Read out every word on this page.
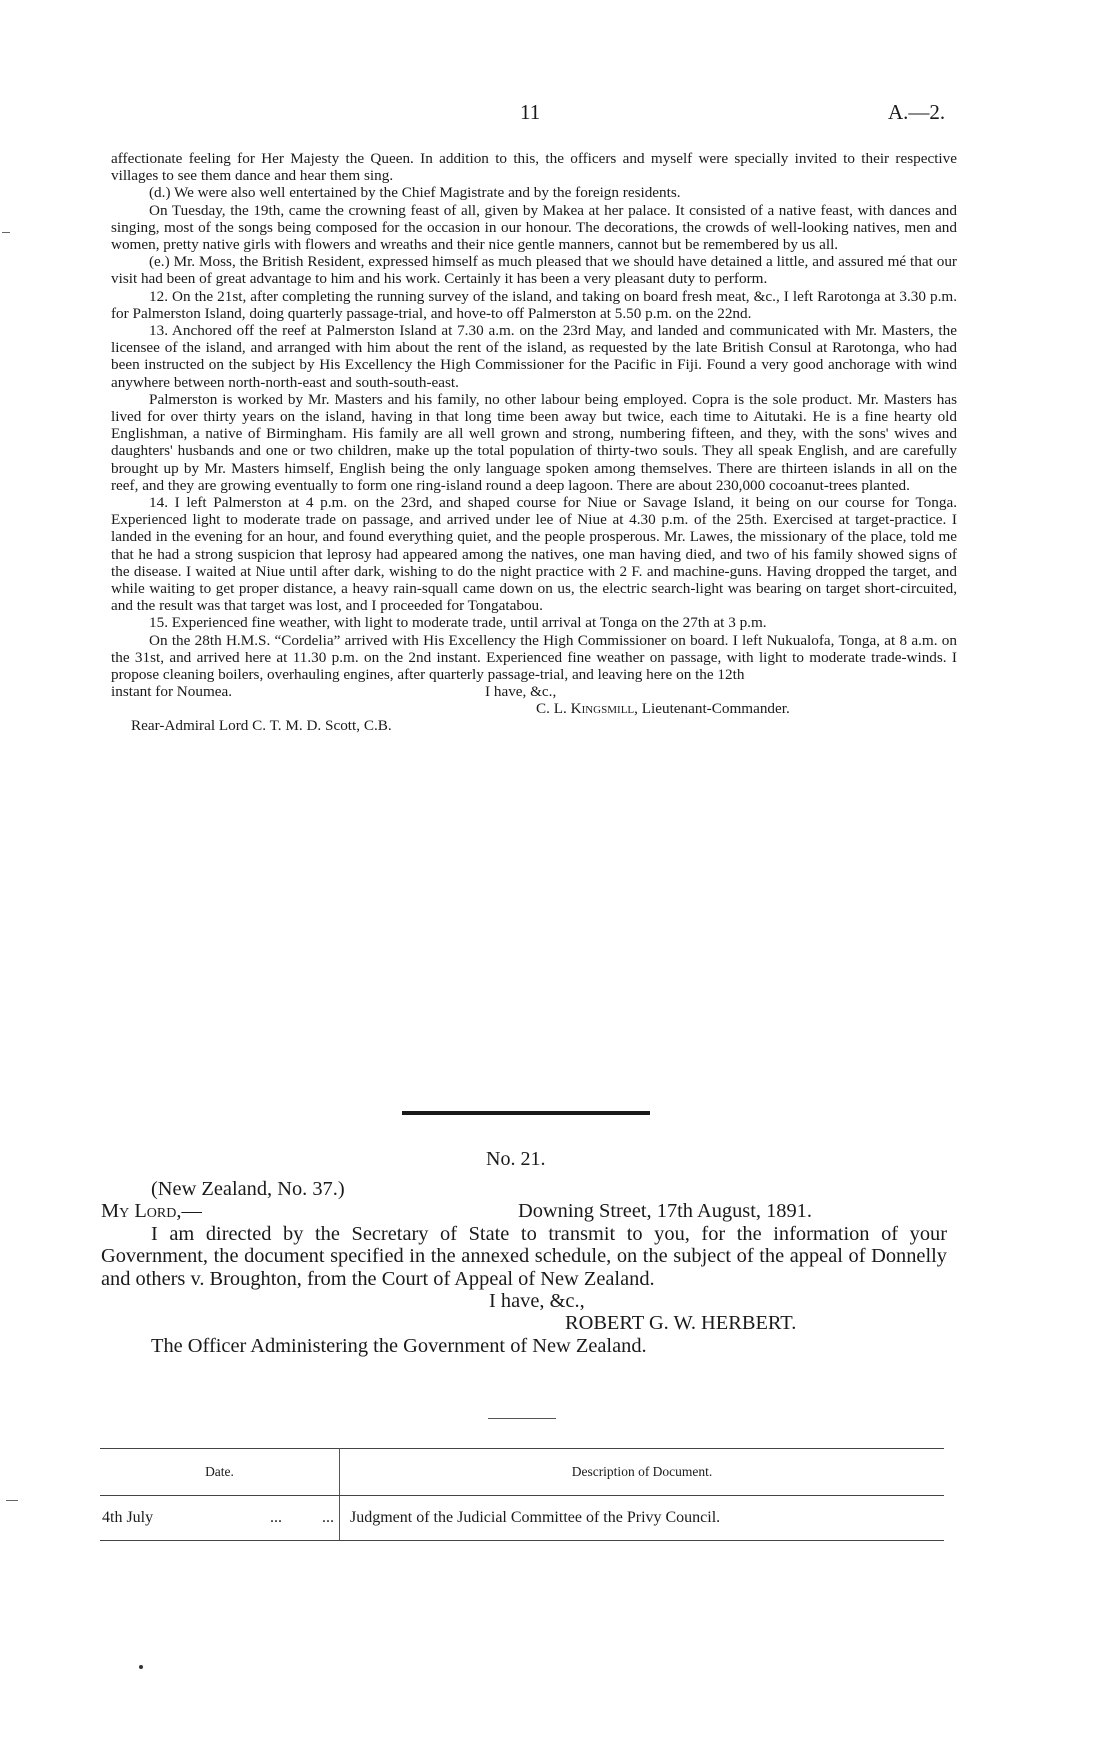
11	A.—2.

affectionate feeling for Her Majesty the Queen. In addition to this, the officers and myself were specially invited to their respective villages to see them dance and hear them sing.

(d.) We were also well entertained by the Chief Magistrate and by the foreign residents.

On Tuesday, the 19th, came the crowning feast of all, given by Makea at her palace. It consisted of a native feast, with dances and singing, most of the songs being composed for the occasion in our honour. The decorations, the crowds of well-looking natives, men and women, pretty native girls with flowers and wreaths and their nice gentle manners, cannot but be remembered by us all.

(e.) Mr. Moss, the British Resident, expressed himself as much pleased that we should have detained a little, and assured mé that our visit had been of great advantage to him and his work. Certainly it has been a very pleasant duty to perform.

12. On the 21st, after completing the running survey of the island, and taking on board fresh meat, &c., I left Rarotonga at 3.30 p.m. for Palmerston Island, doing quarterly passage-trial, and hove-to off Palmerston at 5.50 p.m. on the 22nd.

13. Anchored off the reef at Palmerston Island at 7.30 a.m. on the 23rd May, and landed and communicated with Mr. Masters, the licensee of the island, and arranged with him about the rent of the island, as requested by the late British Consul at Rarotonga, who had been instructed on the subject by His Excellency the High Commissioner for the Pacific in Fiji. Found a very good anchorage with wind anywhere between north-north-east and south-south-east.

Palmerston is worked by Mr. Masters and his family, no other labour being employed. Copra is the sole product. Mr. Masters has lived for over thirty years on the island, having in that long time been away but twice, each time to Aitutaki. He is a fine hearty old Englishman, a native of Birmingham. His family are all well grown and strong, numbering fifteen, and they, with the sons' wives and daughters' husbands and one or two children, make up the total population of thirty-two souls. They all speak English, and are carefully brought up by Mr. Masters himself, English being the only language spoken among themselves. There are thirteen islands in all on the reef, and they are growing eventually to form one ring-island round a deep lagoon. There are about 230,000 cocoanut-trees planted.

14. I left Palmerston at 4 p.m. on the 23rd, and shaped course for Niue or Savage Island, it being on our course for Tonga. Experienced light to moderate trade on passage, and arrived under lee of Niue at 4.30 p.m. of the 25th. Exercised at target-practice. I landed in the evening for an hour, and found everything quiet, and the people prosperous. Mr. Lawes, the missionary of the place, told me that he had a strong suspicion that leprosy had appeared among the natives, one man having died, and two of his family showed signs of the disease. I waited at Niue until after dark, wishing to do the night practice with 2 F. and machine-guns. Having dropped the target, and while waiting to get proper distance, a heavy rain-squall came down on us, the electric search-light was bearing on target short-circuited, and the result was that target was lost, and I proceeded for Tongatabou.

15. Experienced fine weather, with light to moderate trade, until arrival at Tonga on the 27th at 3 p.m.

On the 28th H.M.S. “Cordelia” arrived with His Excellency the High Commissioner on board. I left Nukualofa, Tonga, at 8 a.m. on the 31st, and arrived here at 11.30 p.m. on the 2nd instant. Experienced fine weather on passage, with light to moderate trade-winds. I propose cleaning boilers, overhauling engines, after quarterly passage-trial, and leaving here on the 12th

instant for Noumea.	I have, &c.,
C. L. Kingsmill, Lieutenant-Commander.
Rear-Admiral Lord C. T. M. D. Scott, C.B.
No. 21.
(New Zealand, No. 37.)
My Lord,—	Downing Street, 17th August, 1891.

I am directed by the Secretary of State to transmit to you, for the information of your Government, the document specified in the annexed schedule, on the subject of the appeal of Donnelly and others v. Broughton, from the Court of Appeal of New Zealand.

I have, &c.,
ROBERT G. W. HERBERT.
The Officer Administering the Government of New Zealand.
Date.	Description of Document.
4th July ...          ...	Judgment of the Judicial Committee of the Privy Council.
